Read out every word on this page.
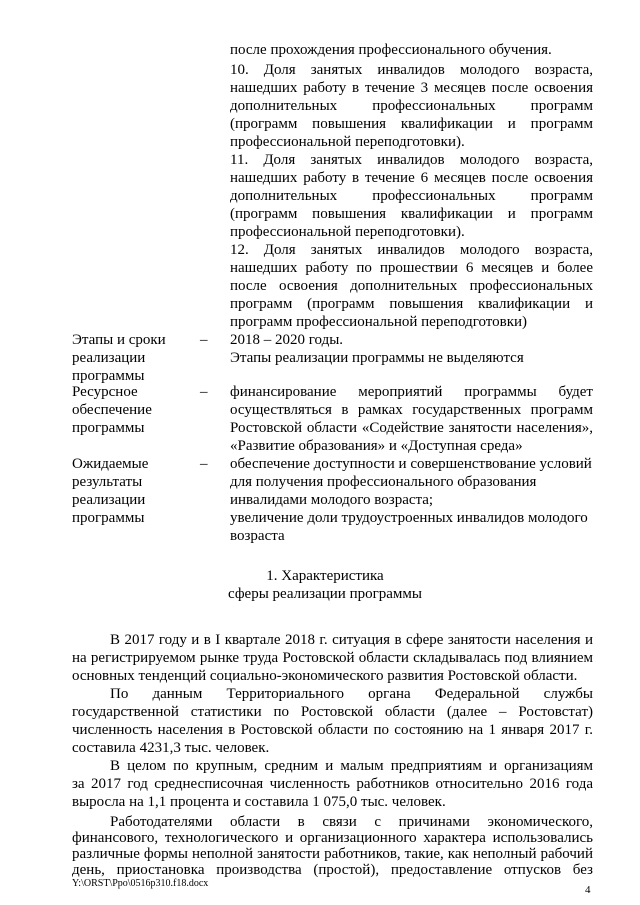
после прохождения профессионального обучения.
10. Доля занятых инвалидов молодого возраста,
нашедших работу в течение 3 месяцев после освоения
дополнительных профессиональных программ
(программ повышения квалификации и программ
профессиональной переподготовки).
11. Доля занятых инвалидов молодого возраста,
нашедших работу в течение 6 месяцев после освоения
дополнительных профессиональных программ
(программ повышения квалификации и программ
профессиональной переподготовки).
12. Доля занятых инвалидов молодого возраста,
нашедших работу по прошествии 6 месяцев и более
после освоения дополнительных профессиональных
программ (программ повышения квалификации и
программ профессиональной переподготовки)
Этапы и сроки
реализации
программы
– 2018 – 2020 годы.
Этапы реализации программы не выделяются
Ресурсное
обеспечение
программы
– финансирование мероприятий программы будет
осуществляться в рамках государственных программ
Ростовской области «Содействие занятости населения»,
«Развитие образования» и «Доступная среда»
Ожидаемые
результаты
реализации
программы
– обеспечение доступности и совершенствование условий
для получения профессионального образования
инвалидами молодого возраста;
увеличение доли трудоустроенных инвалидов молодого
возраста
1. Характеристика
сферы реализации программы
В 2017 году и в I квартале 2018 г. ситуация в сфере занятости населения и
на регистрируемом рынке труда Ростовской области складывалась под влиянием
основных тенденций социально-экономического развития Ростовской области.
По данным Территориального органа Федеральной службы
государственной статистики по Ростовской области (далее – Ростовстат)
численность населения в Ростовской области по состоянию на 1 января 2017 г.
составила 4231,3 тыс. человек.
В целом по крупным, средним и малым предприятиям и организациям
за 2017 год среднесписочная численность работников относительно 2016 года
выросла на 1,1 процента и составила 1 075,0 тыс. человек.
Работодателями области в связи с причинами экономического,
финансового, технологического и организационного характера использовались
различные формы неполной занятости работников, такие, как неполный рабочий
день, приостановка производства (простой), предоставление отпусков без
Y:\ORST\Ppo\0516p310.f18.docx
4
